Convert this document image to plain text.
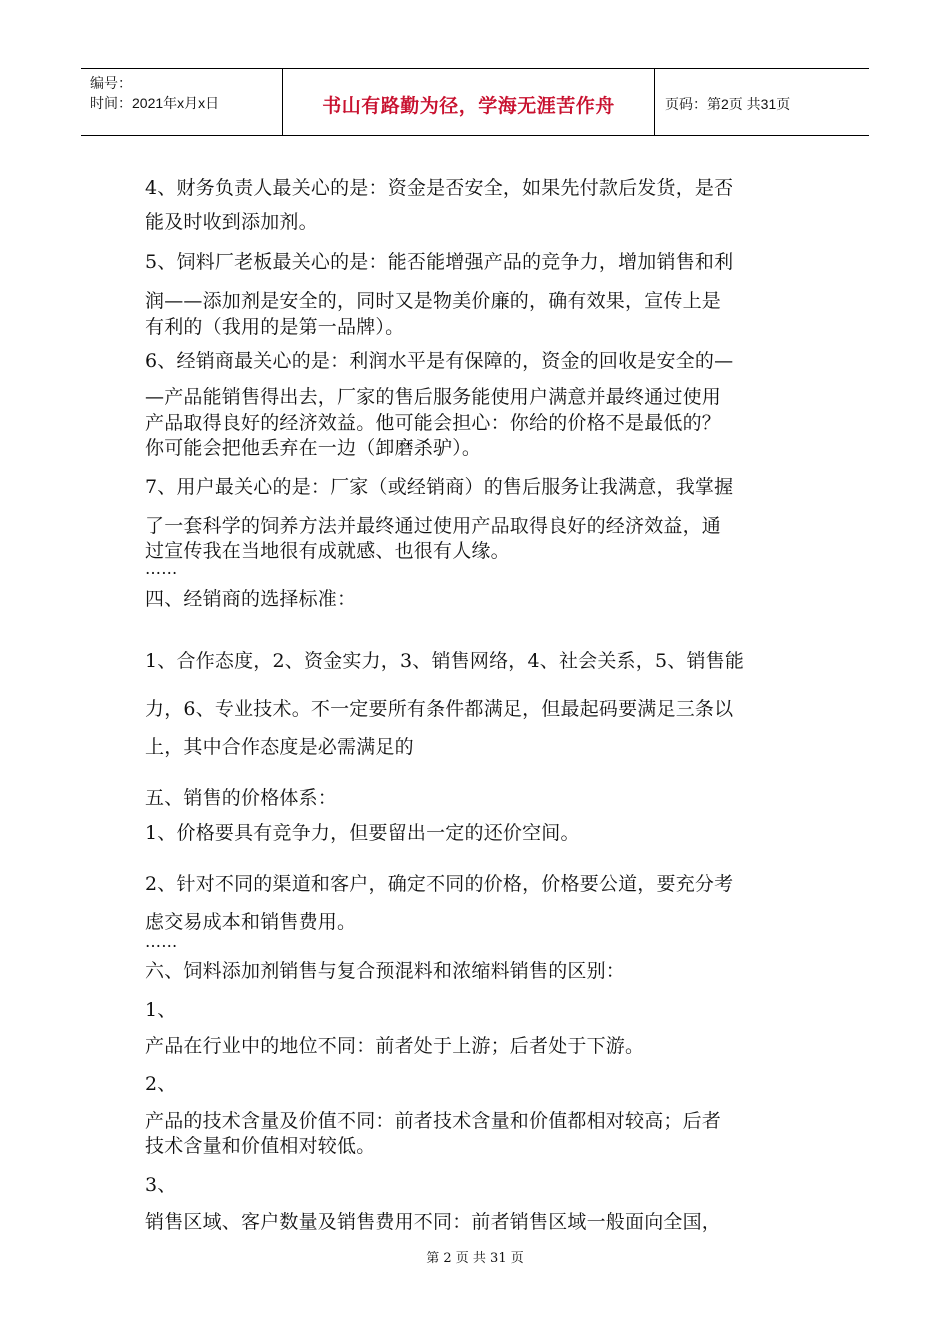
编号：
时间：2021年x月x日	书山有路勤为径，学海无涯苦作舟	页码：第2页 共31页
4、财务负责人最关心的是：资金是否安全，如果先付款后发货，是否
能及时收到添加剂。
5、饲料厂老板最关心的是：能否能增强产品的竞争力，增加销售和利
润——添加剂是安全的，同时又是物美价廉的，确有效果，宣传上是
有利的（我用的是第一品牌）。
6、经销商最关心的是：利润水平是有保障的，资金的回收是安全的—
—产品能销售得出去，厂家的售后服务能使用户满意并最终通过使用
产品取得良好的经济效益。他可能会担心：你给的价格不是最低的？
你可能会把他丢弃在一边（卸磨杀驴）。
7、用户最关心的是：厂家（或经销商）的售后服务让我满意，我掌握
了一套科学的饲养方法并最终通过使用产品取得良好的经济效益，通
过宣传我在当地很有成就感、也很有人缘。
……
四、经销商的选择标准：
1、合作态度，2、资金实力，3、销售网络，4、社会关系，5、销售能
力，6、专业技术。不一定要所有条件都满足，但最起码要满足三条以
上，其中合作态度是必需满足的
五、销售的价格体系：
1、价格要具有竞争力，但要留出一定的还价空间。
2、针对不同的渠道和客户，确定不同的价格，价格要公道，要充分考
虑交易成本和销售费用。
……
六、饲料添加剂销售与复合预混料和浓缩料销售的区别：
1、
产品在行业中的地位不同：前者处于上游；后者处于下游。
2、
产品的技术含量及价值不同：前者技术含量和价值都相对较高；后者
技术含量和价值相对较低。
3、
销售区域、客户数量及销售费用不同：前者销售区域一般面向全国，
第 2 页 共 31 页
